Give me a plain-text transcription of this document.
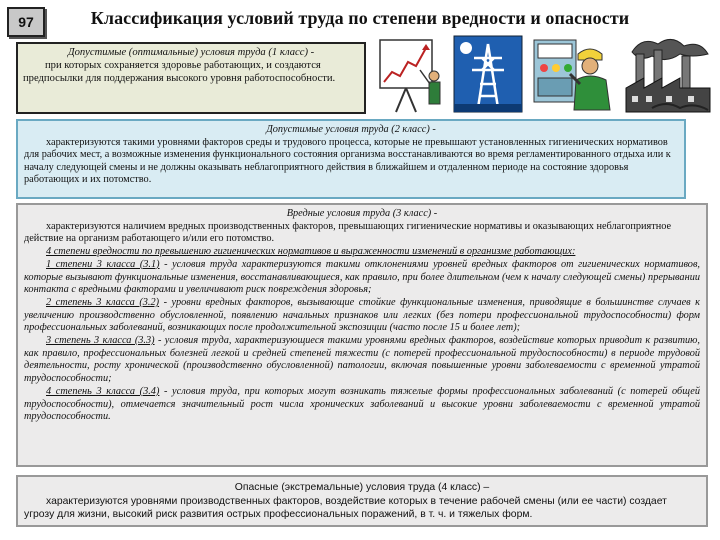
97	Классификация условий труда по степени вредности и опасности
Допустимые (оптимальные) условия труда (1 класс) -
при которых сохраняется здоровье работающих, и создаются предпосылки для поддержания высокого уровня работоспособности.
Допустимые условия труда (2 класс) -
характеризуются такими уровнями факторов среды и трудового процесса, которые не превышают установленных гигиенических нормативов для рабочих мест, а возможные изменения функционального состояния организма восстанавливаются во время регламентированного отдыха или к началу следующей смены и не должны оказывать неблагоприятного действия в ближайшем и отдаленном периоде на состояние здоровья работающих и их потомство.
Вредные условия труда (3 класс) -
характеризуются наличием вредных производственных факторов, превышающих гигиенические нормативы и оказывающих неблагоприятное действие на организм работающего и/или его потомство.
4 степени вредности по превышению гигиенических нормативов и выраженности изменений в организме работающих:
1 степени 3 класса (3.1) - условия труда характеризуются такими отклонениями уровней вредных факторов от гигиенических нормативов, которые вызывают функциональные изменения, восстанавливающиеся, как правило, при более длительном (чем к началу следующей смены) прерывании контакта с вредными факторами и увеличивают риск повреждения здоровья;
2 степень 3 класса (3.2) - уровни вредных факторов, вызывающие стойкие функциональные изменения, приводящие в большинстве случаев к увеличению производственно обусловленной, появлению начальных признаков или легких (без потери профессиональной трудоспособности) форм профессиональных заболеваний, возникающих после продолжительной экспозиции (часто после 15 и более лет);
3 степень 3 класса (3.3) - условия труда, характеризующиеся такими уровнями вредных факторов, воздействие которых приводит к развитию, как правило, профессиональных болезней легкой и средней степеней тяжести (с потерей профессиональной трудоспособности) в периоде трудовой деятельности, росту хронической (производственно обусловленной) патологии, включая повышенные уровни заболеваемости с временной утратой трудоспособности;
4 степень 3 класса (3.4) - условия труда, при которых могут возникать тяжелые формы профессиональных заболеваний (с потерей общей трудоспособности), отмечается значительный рост числа хронических заболеваний и высокие уровни заболеваемости с временной утратой трудоспособности.
Опасные (экстремальные) условия труда (4 класс) –
характеризуются уровнями производственных факторов, воздействие которых в течение рабочей смены (или ее части) создает угрозу для жизни, высокий риск развития острых профессиональных поражений, в т. ч. и тяжелых форм.
